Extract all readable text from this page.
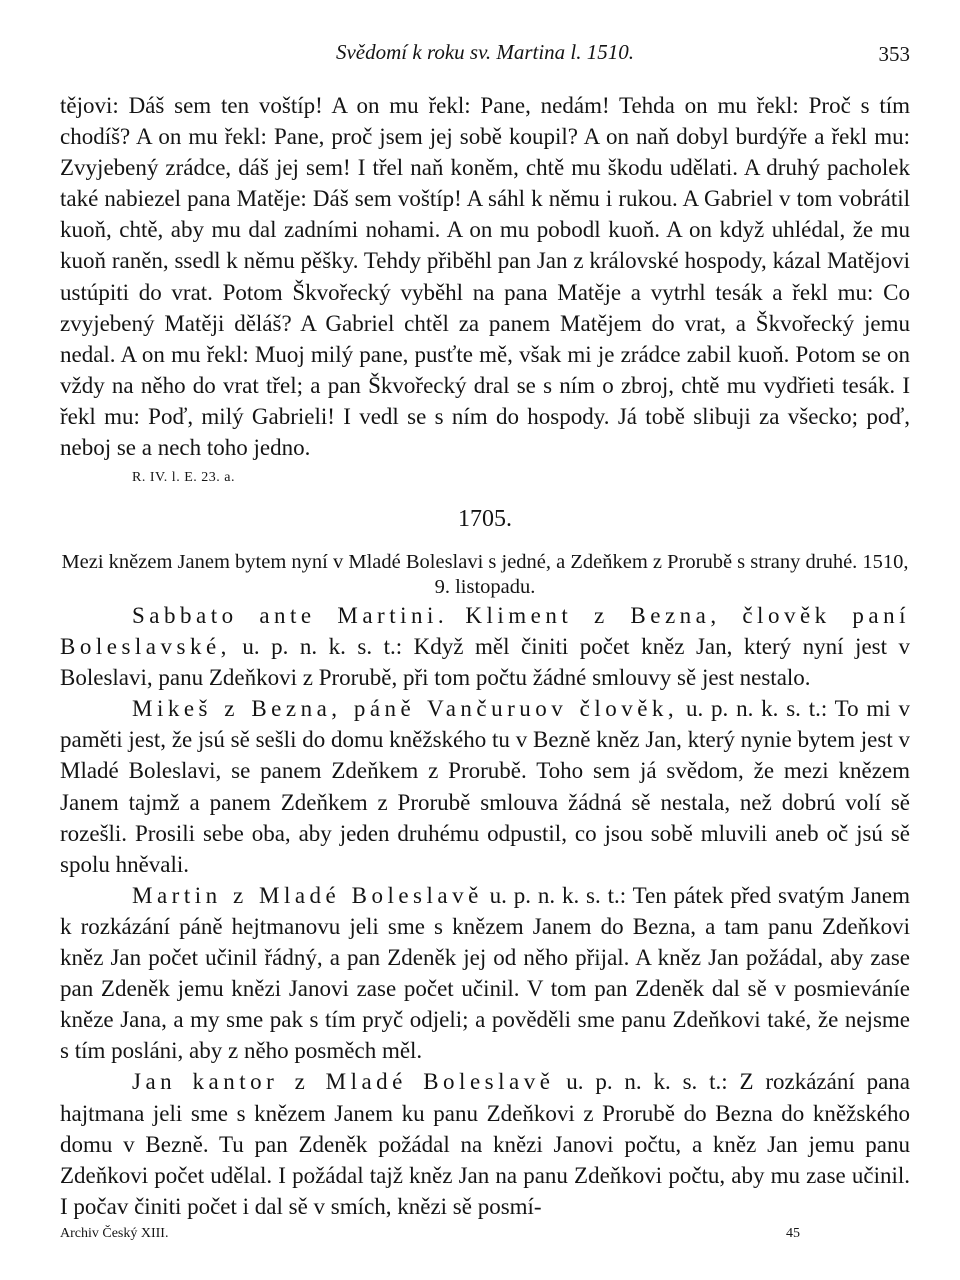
Svědomí k roku sv. Martina l. 1510.	353

tějovi: Dáš sem ten voštíp! A on mu řekl: Pane, nedám! Tehda on mu řekl: Proč s tím chodíš? A on mu řekl: Pane, proč jsem jej sobě koupil? A on naň dobyl burdýře a řekl mu: Zvyjebený zrádce, dáš jej sem! I třel naň koněm, chtě mu škodu udělati. A druhý pacholek také nabiezel pana Matěje: Dáš sem voštíp! A sáhl k němu i rukou. A Gabriel v tom vobrátil kuoň, chtě, aby mu dal zadními nohami. A on mu pobodl kuoň. A on když uhlédal, že mu kuoň raněn, ssedl k němu pěšky. Tehdy přiběhl pan Jan z královské hospody, kázal Matějovi ustúpiti do vrat. Potom Škvořecký vyběhl na pana Matěje a vytrhl tesák a řekl mu: Co zvyjebený Matěji děláš? A Gabriel chtěl za panem Matějem do vrat, a Škvořecký jemu nedal. A on mu řekl: Muoj milý pane, pusťte mě, však mi je zrádce zabil kuoň. Potom se on vždy na něho do vrat třel; a pan Škvořecký dral se s ním o zbroj, chtě mu vydřieti tesák. I řekl mu: Poď, milý Gabrieli! I vedl se s ním do hospody. Já tobě slibuji za všecko; poď, neboj se a nech toho jedno.

R. IV. l. E. 23. a.
1705.
Mezi knězem Janem bytem nyní v Mladé Boleslavi s jedné, a Zdeňkem z Prorubě s strany druhé. 1510, 9. listopadu.

Sabbato ante Martini. Kliment z Bezna, člověk paní Boleslavské, u. p. n. k. s. t.: Když měl činiti počet kněz Jan, který nyní jest v Boleslavi, panu Zdeňkovi z Prorubě, při tom počtu žádné smlouvy sě jest nestalo.

Mikeš z Bezna, páně Vančuruov člověk, u. p. n. k. s. t.: To mi v paměti jest, že jsú sě sešli do domu kněžského tu v Bezně kněz Jan, který nynie bytem jest v Mladé Boleslavi, se panem Zdeňkem z Prorubě. Toho sem já svědom, že mezi knězem Janem tajmž a panem Zdeňkem z Prorubě smlouva žádná sě nestala, než dobrú volí sě rozešli. Prosili sebe oba, aby jeden druhému odpustil, co jsou sobě mluvili aneb oč jsú sě spolu hněvali.

Martin z Mladé Boleslavě u. p. n. k. s. t.: Ten pátek před svatým Janem k rozkázání páně hejtmanovu jeli sme s knězem Janem do Bezna, a tam panu Zdeňkovi kněz Jan počet učinil řádný, a pan Zdeněk jej od něho přijal. A kněz Jan požádal, aby zase pan Zdeněk jemu knězi Janovi zase počet učinil. V tom pan Zdeněk dal sě v posmieváníe kněze Jana, a my sme pak s tím pryč odjeli; a pověděli sme panu Zdeňkovi také, že nejsme s tím posláni, aby z něho posměch měl.

Jan kantor z Mladé Boleslavě u. p. n. k. s. t.: Z rozkázání pana hajtmana jeli sme s knězem Janem ku panu Zdeňkovi z Prorubě do Bezna do kněžského domu v Bezně. Tu pan Zdeněk požádal na knězi Janovi počtu, a kněz Jan jemu panu Zdeňkovi počet udělal. I požádal tajž kněz Jan na panu Zdeňkovi počtu, aby mu zase učinil. I počav činiti počet i dal sě v smích, knězi sě posmí-

Archiv Český XIII.	45
